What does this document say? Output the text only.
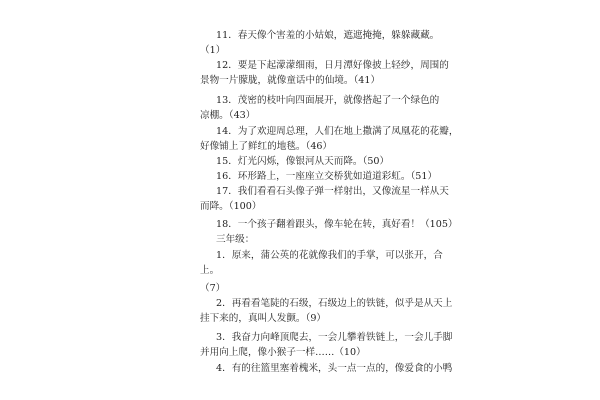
11．春天像个害羞的小姑娘，遮遮掩掩，躲躲藏藏。
（1）
12．要是下起濛濛细雨，日月潭好像披上轻纱，周围的
景物一片朦胧，就像童话中的仙境。（41）
13．茂密的枝叶向四面展开，就像搭起了一个绿色的
凉棚。（43）
14．为了欢迎周总理，人们在地上撒满了凤凰花的花瓣，
好像铺上了鲜红的地毯。（46）
15．灯光闪烁，像银河从天而降。（50）
16．环形路上，一座座立交桥犹如道道彩虹。（51）
17．我们看看石头像子弹一样射出，又像流星一样从天
而降。（100）
18．一个孩子翻着跟头，像车轮在转，真好看！（105）
三年级：
1．原来，蒲公英的花就像我们的手掌，可以张开，合
上。
（7）
2．再看看笔陡的石级，石级边上的铁链，似乎是从天上
挂下来的，真叫人发颤。（9）
3．我奋力向峰顶爬去，一会儿攀着铁链上，一会儿手脚
并用向上爬，像小猴子一样……（10）
4．有的往篮里塞着槐米，头一点一点的，像爱食的小鸭
